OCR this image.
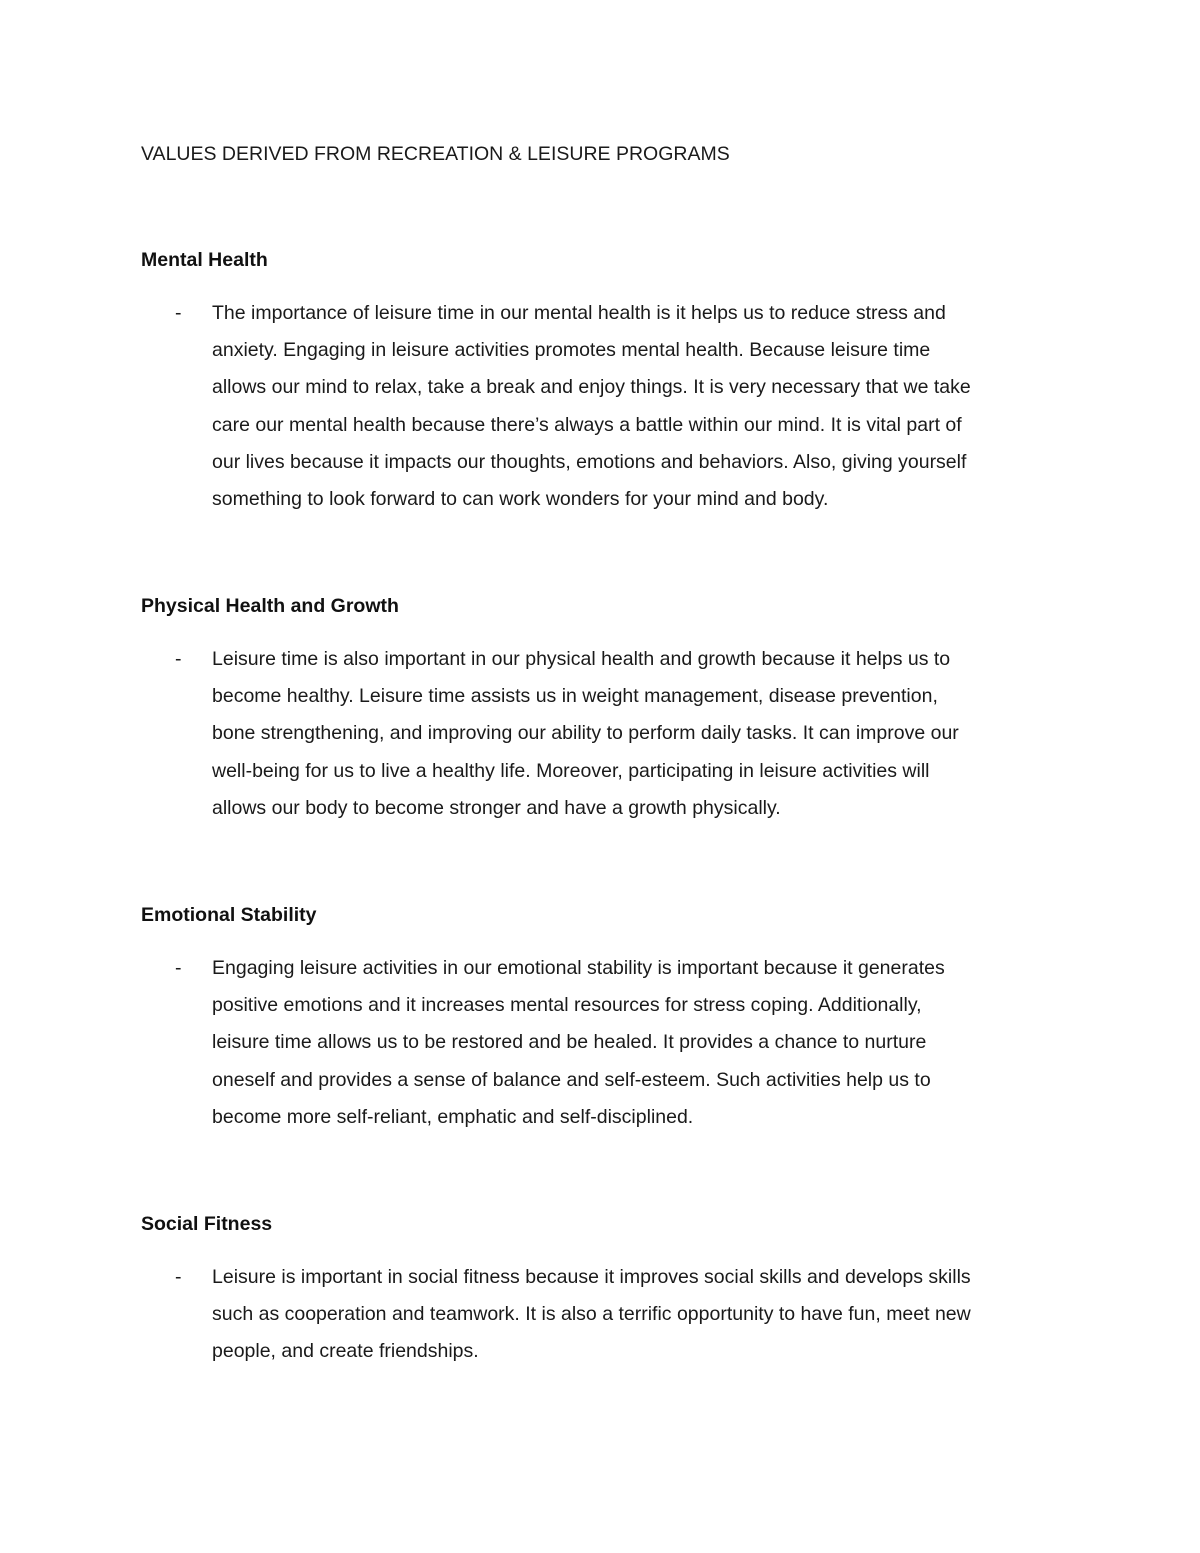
VALUES DERIVED FROM RECREATION & LEISURE PROGRAMS
Mental Health
- The importance of leisure time in our mental health is it helps us to reduce stress and
anxiety. Engaging in leisure activities promotes mental health. Because leisure time
allows our mind to relax, take a break and enjoy things. It is very necessary that we take
care our mental health because there’s always a battle within our mind. It is vital part of
our lives because it impacts our thoughts, emotions and behaviors. Also, giving yourself
something to look forward to can work wonders for your mind and body.
Physical Health and Growth
- Leisure time is also important in our physical health and growth because it helps us to
become healthy. Leisure time assists us in weight management, disease prevention,
bone strengthening, and improving our ability to perform daily tasks. It can improve our
well-being for us to live a healthy life. Moreover, participating in leisure activities will
allows our body to become stronger and have a growth physically.
Emotional Stability
- Engaging leisure activities in our emotional stability is important because it generates
positive emotions and it increases mental resources for stress coping. Additionally,
leisure time allows us to be restored and be healed. It provides a chance to nurture
oneself and provides a sense of balance and self-esteem. Such activities help us to
become more self-reliant, emphatic and self-disciplined.
Social Fitness
- Leisure is important in social fitness because it improves social skills and develops skills
such as cooperation and teamwork. It is also a terrific opportunity to have fun, meet new
people, and create friendships.
